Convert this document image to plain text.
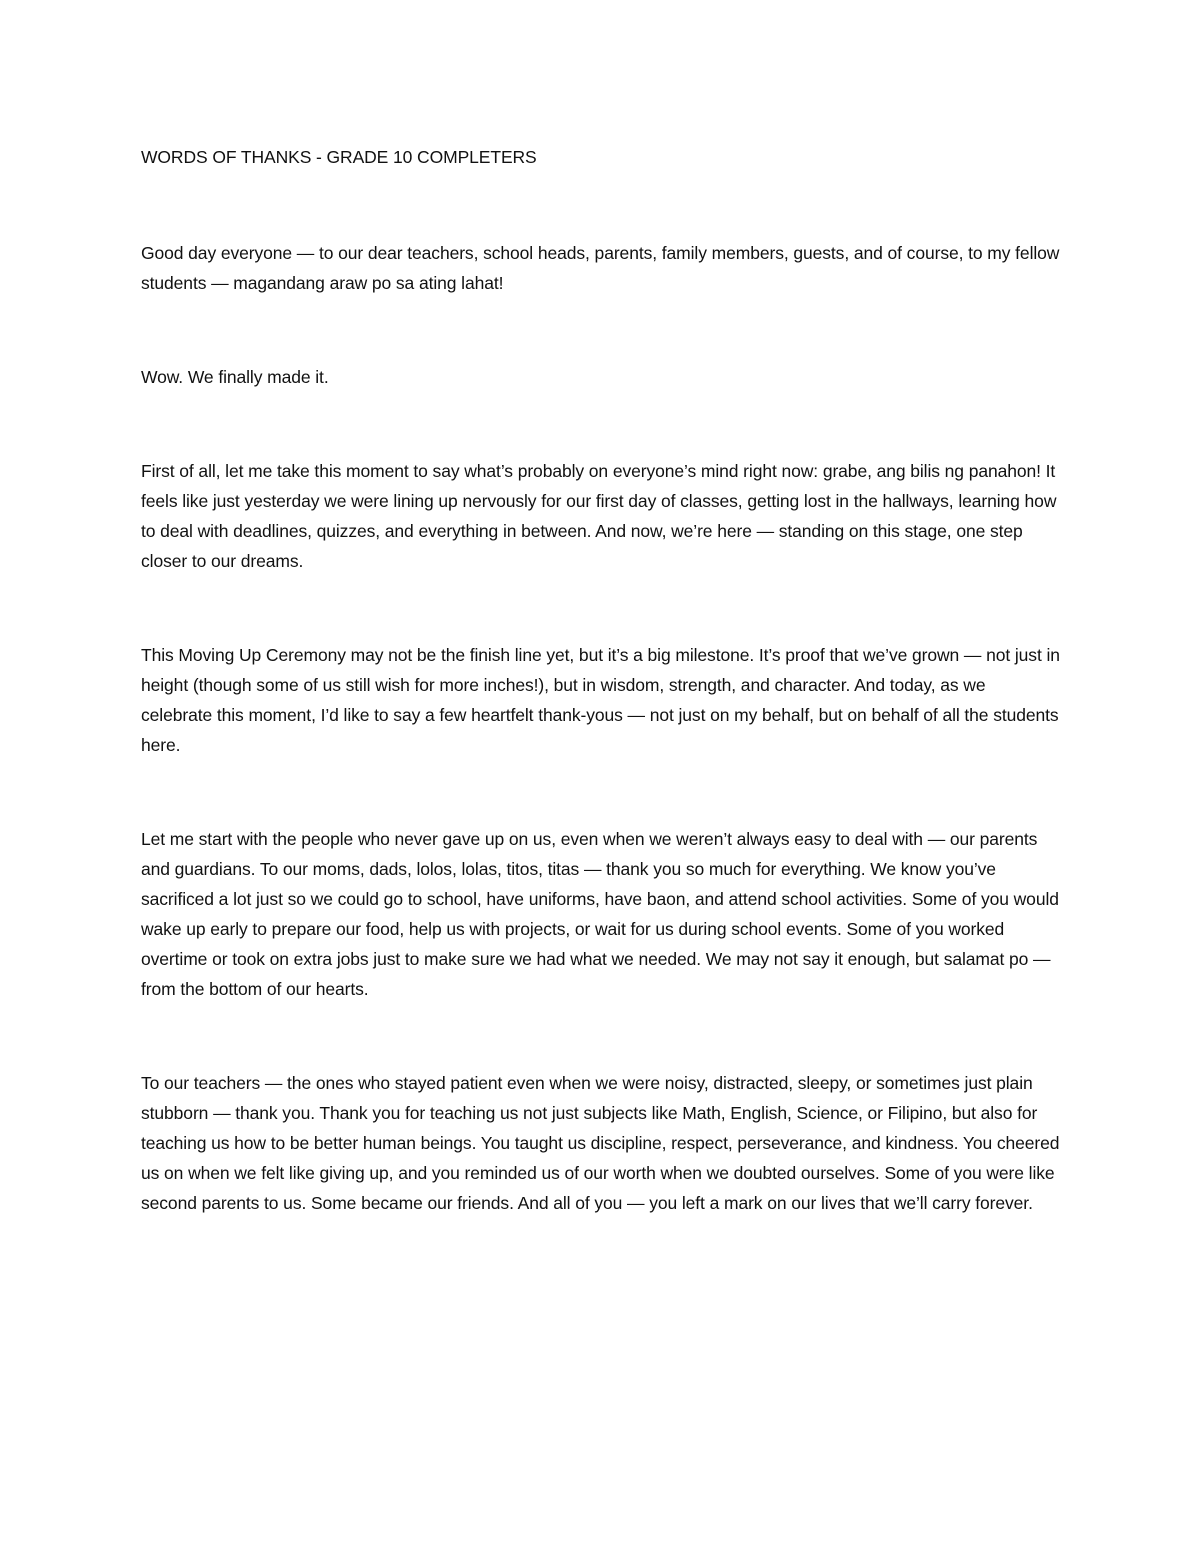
WORDS OF THANKS - GRADE 10 COMPLETERS

Good day everyone — to our dear teachers, school heads, parents, family members, guests, and of course, to my fellow students — magandang araw po sa ating lahat!

Wow. We finally made it.

First of all, let me take this moment to say what’s probably on everyone’s mind right now: grabe, ang bilis ng panahon! It feels like just yesterday we were lining up nervously for our first day of classes, getting lost in the hallways, learning how to deal with deadlines, quizzes, and everything in between. And now, we’re here — standing on this stage, one step closer to our dreams.

This Moving Up Ceremony may not be the finish line yet, but it’s a big milestone. It’s proof that we’ve grown — not just in height (though some of us still wish for more inches!), but in wisdom, strength, and character. And today, as we celebrate this moment, I’d like to say a few heartfelt thank-yous — not just on my behalf, but on behalf of all the students here.

Let me start with the people who never gave up on us, even when we weren’t always easy to deal with — our parents and guardians. To our moms, dads, lolos, lolas, titos, titas — thank you so much for everything. We know you’ve sacrificed a lot just so we could go to school, have uniforms, have baon, and attend school activities. Some of you would wake up early to prepare our food, help us with projects, or wait for us during school events. Some of you worked overtime or took on extra jobs just to make sure we had what we needed. We may not say it enough, but salamat po — from the bottom of our hearts.

To our teachers — the ones who stayed patient even when we were noisy, distracted, sleepy, or sometimes just plain stubborn — thank you. Thank you for teaching us not just subjects like Math, English, Science, or Filipino, but also for teaching us how to be better human beings. You taught us discipline, respect, perseverance, and kindness. You cheered us on when we felt like giving up, and you reminded us of our worth when we doubted ourselves. Some of you were like second parents to us. Some became our friends. And all of you — you left a mark on our lives that we’ll carry forever.
